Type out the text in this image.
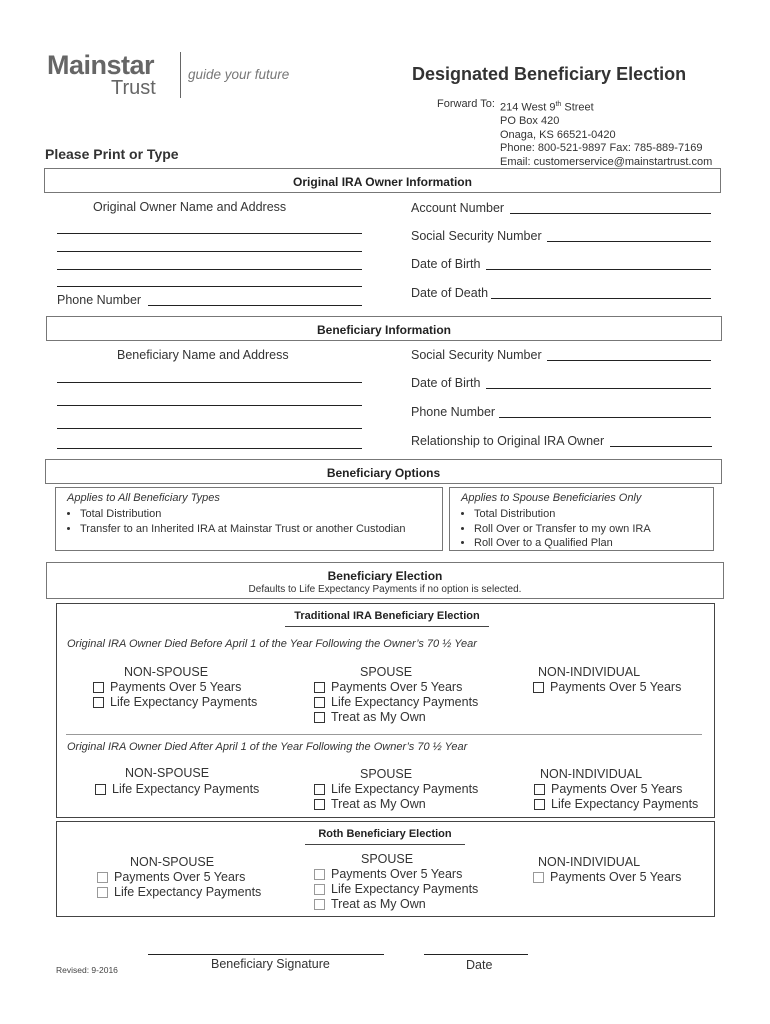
Mainstar
Trust
guide your future	Designated Beneficiary Election
Forward To: 214 West 9th Street
PO Box 420
Onaga, KS 66521-0420
Phone: 800-521-9897 Fax: 785-889-7169
Email: customerservice@mainstartrust.com
Please Print or Type
Original IRA Owner Information
Original Owner Name and Address
Phone Number
Account Number
Social Security Number
Date of Birth
Date of Death
Beneficiary Information
Beneficiary Name and Address	Social Security Number
Date of Birth
Phone Number
Relationship to Original IRA Owner
Beneficiary Options
Applies to All Beneficiary Types
• Total Distribution
• Transfer to an Inherited IRA at Mainstar Trust or another Custodian
Applies to Spouse Beneficiaries Only
• Total Distribution
• Roll Over or Transfer to my own IRA
• Roll Over to a Qualified Plan
Beneficiary Election
Defaults to Life Expectancy Payments if no option is selected.
Traditional IRA Beneficiary Election
Original IRA Owner Died Before April 1 of the Year Following the Owner’s 70 ½ Year
NON-SPOUSE
Payments Over 5 Years
Life Expectancy Payments
SPOUSE
Payments Over 5 Years
Life Expectancy Payments
Treat as My Own
NON-INDIVIDUAL
Payments Over 5 Years
Original IRA Owner Died After April 1 of the Year Following the Owner’s 70 ½ Year
NON-SPOUSE
Life Expectancy Payments
SPOUSE
Life Expectancy Payments
Treat as My Own
NON-INDIVIDUAL
Payments Over 5 Years
Life Expectancy Payments
Roth Beneficiary Election
NON-SPOUSE
Payments Over 5 Years
Life Expectancy Payments
SPOUSE
Payments Over 5 Years
Life Expectancy Payments
Treat as My Own
NON-INDIVIDUAL
Payments Over 5 Years
Beneficiary Signature	Date
Revised: 9-2016
